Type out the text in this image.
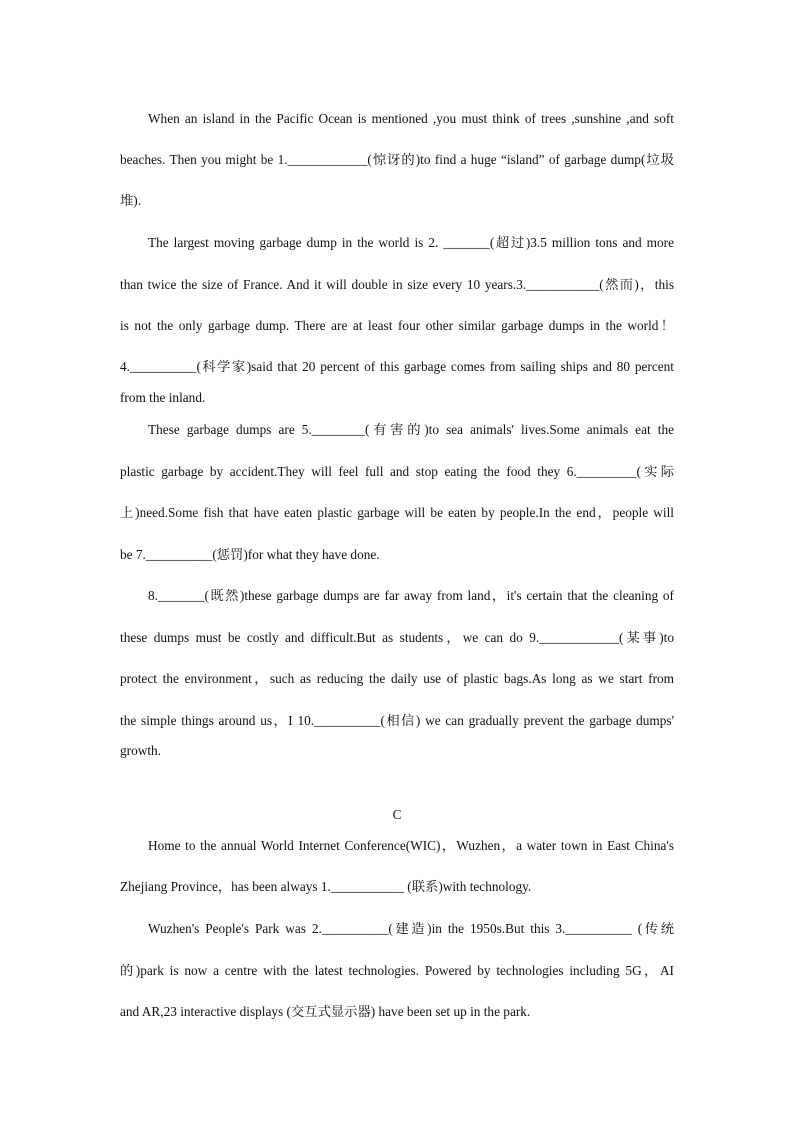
When an island in the Pacific Ocean is mentioned ,you must think of trees ,sunshine ,and soft
beaches. Then you might be 1.____________(惊讶的)to find a huge “island” of garbage dump(垃圾
堆).
The largest moving garbage dump in the world is 2. _______(超过)3.5 million tons and more
than twice the size of France. And it will double in size every 10 years.3.___________(然而)，this
is not the only garbage dump. There are at least four other similar garbage dumps in the world！
4.__________(科学家)said that 20 percent of this garbage comes from sailing ships and 80 percent
from the inland.
These garbage dumps are 5.________(有害的)to sea animals' lives.Some animals eat the
plastic garbage by accident.They will feel full and stop eating the food they 6._________(实际
上)need.Some fish that have eaten plastic garbage will be eaten by people.In the end，people will
be 7.__________(惩罚)for what they have done.
8._______(既然)these garbage dumps are far away from land，it's certain that the cleaning of
these dumps must be costly and difficult.But as students，we can do 9.____________(某事)to
protect the environment，such as reducing the daily use of plastic bags.As long as we start from
the simple things around us，I 10.__________(相信) we can gradually prevent the garbage dumps'
growth.
C
Home to the annual World Internet Conference(WIC)，Wuzhen，a water town in East China's
Zhejiang Province，has been always 1.___________ (联系)with technology.
Wuzhen's People's Park was 2.__________(建造)in the 1950s.But this 3.__________ (传统
的)park is now a centre with the latest technologies. Powered by technologies including 5G，AI
and AR,23 interactive displays (交互式显示器) have been set up in the park.
